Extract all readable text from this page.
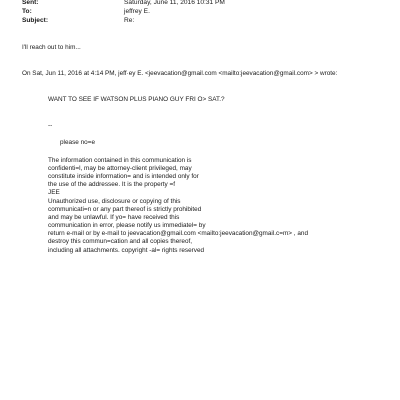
Sent:	Saturday, June 11, 2016 10:31 PM
To:	jeffrey E.
Subject:	Re:
I'll reach out to him...
On Sat, Jun 11, 2016 at 4:14 PM, jeff·ey E. <jeevacation@gmail.com <mailto:jeevacation@gmail.com> > wrote:
WANT TO SEE IF WATSON PLUS PIANO GUY FRI O> SAT.?
--
please no=e
The information contained in this communication is
confidenti=l, may be attorney-client privileged, may
constitute inside information= and is intended only for
the use of the addressee. It is the property =f
JEE
Unauthorized use, disclosure or copying of this
communicati=n or any part thereof is strictly prohibited
and may be unlawful. If yo= have received this
communication in error, please notify us immediatel= by
return e-mail or by e-mail to jeevacation@gmail.com <mailto:jeevacation@gmail.c=m> , and
destroy this commun=cation and all copies thereof,
including all attachments. copyright -al= rights reserved
